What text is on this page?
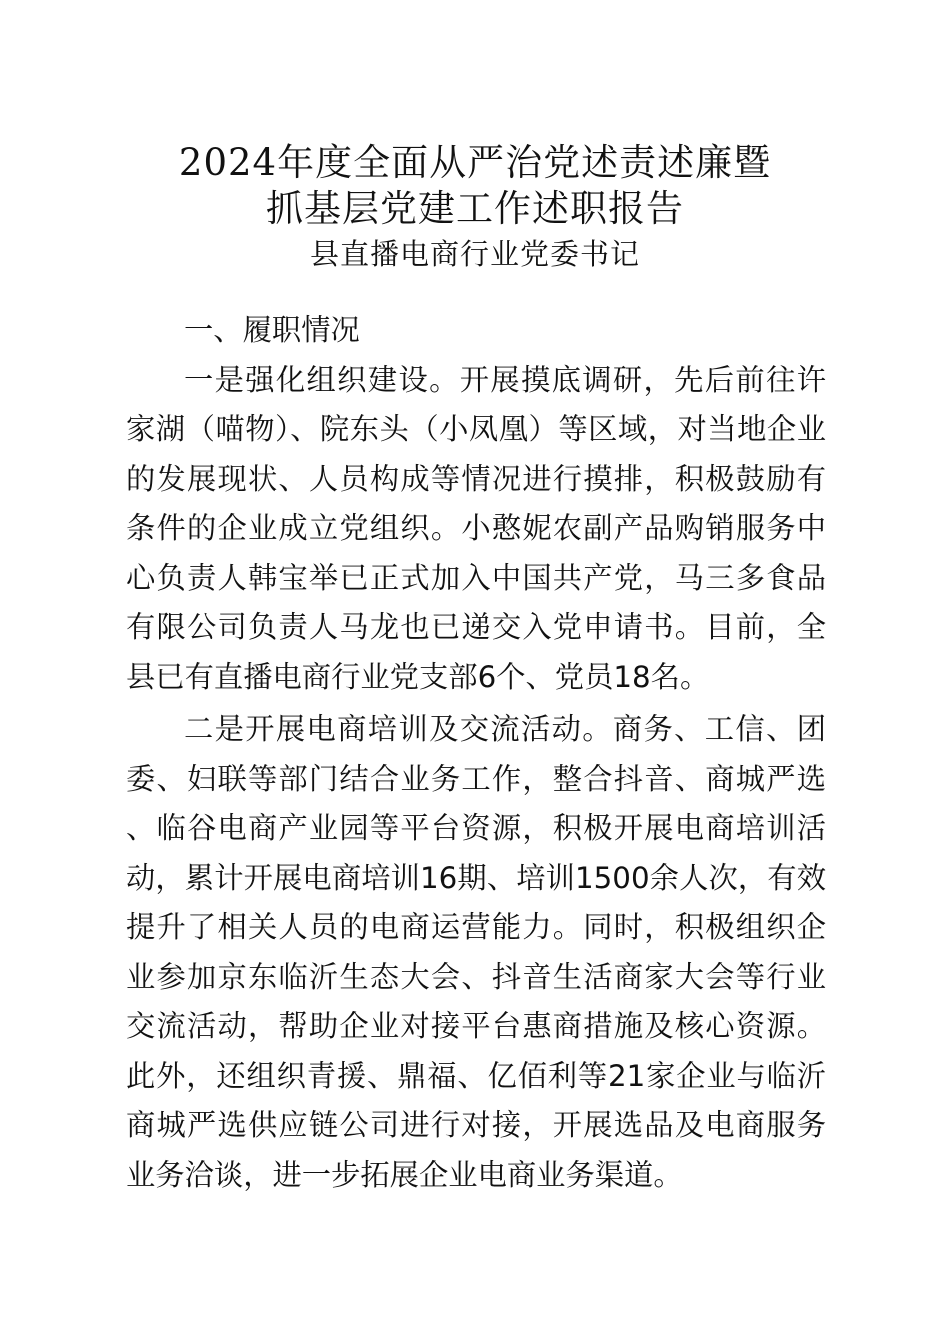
2024年度全面从严治党述责述廉暨
抓基层党建工作述职报告
县直播电商行业党委书记

一、履职情况

一是强化组织建设。开展摸底调研，先后前往许家湖（喵物）、院东头（小凤凰）等区域，对当地企业的发展现状、人员构成等情况进行摸排，积极鼓励有条件的企业成立党组织。小憨妮农副产品购销服务中心负责人韩宝举已正式加入中国共产党，马三多食品有限公司负责人马龙也已递交入党申请书。目前，全县已有直播电商行业党支部6个、党员18名。

二是开展电商培训及交流活动。商务、工信、团委、妇联等部门结合业务工作，整合抖音、商城严选、临谷电商产业园等平台资源，积极开展电商培训活动，累计开展电商培训16期、培训1500余人次，有效提升了相关人员的电商运营能力。同时，积极组织企业参加京东临沂生态大会、抖音生活商家大会等行业交流活动，帮助企业对接平台惠商措施及核心资源。此外，还组织青援、鼎福、亿佰利等21家企业与临沂商城严选供应链公司进行对接，开展选品及电商服务业务洽谈，进一步拓展企业电商业务渠道。
